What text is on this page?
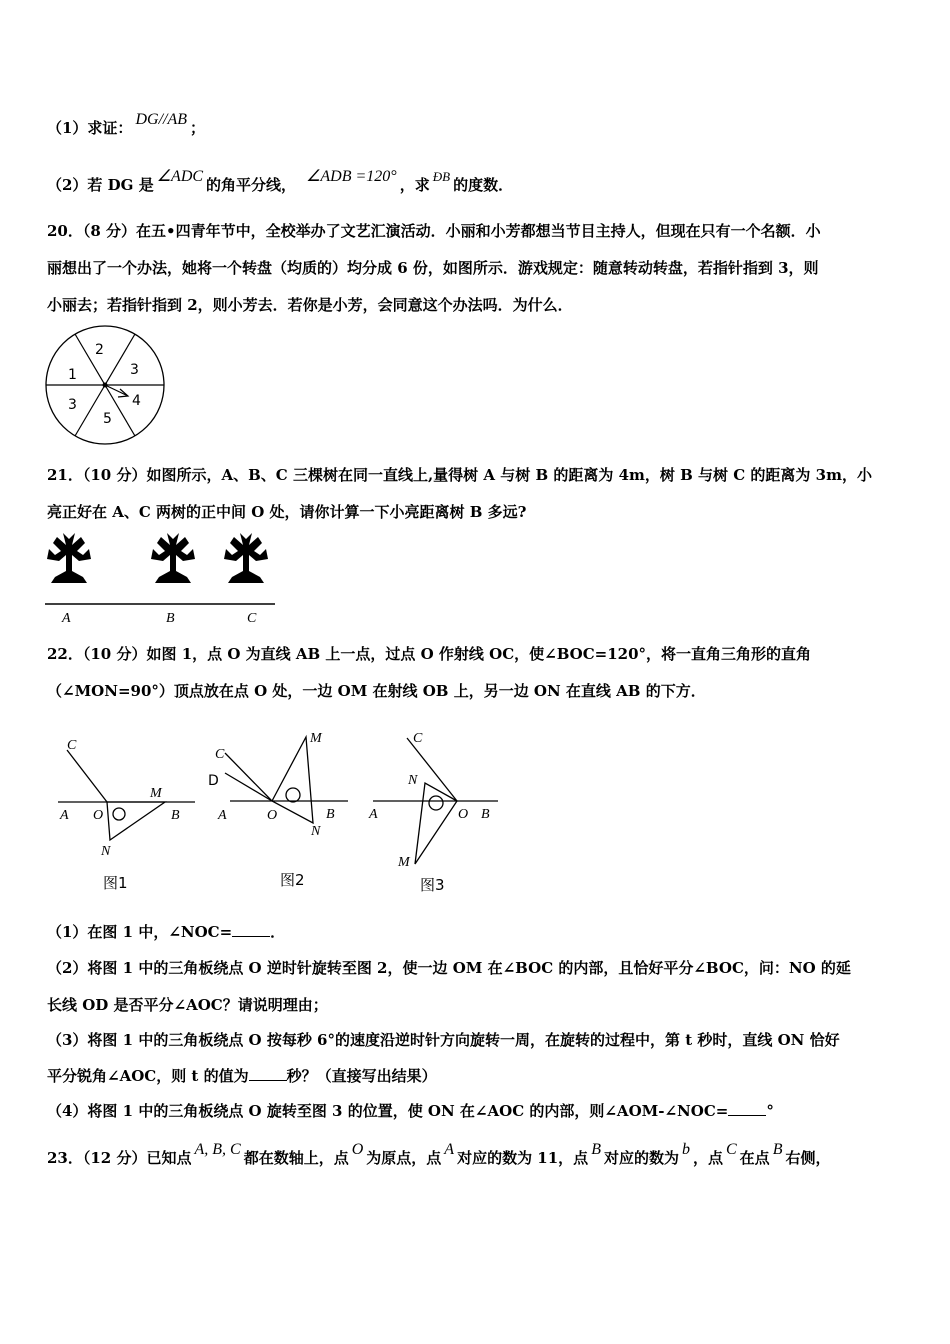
（1）求证： DG//AB ；
（2）若 DG 是 ∠ADC 的角平分线， ∠ADB =120° ，求 ÐB 的度数．
20．（8 分）在五•四青年节中，全校举办了文艺汇演活动．小丽和小芳都想当节目主持人，但现在只有一个名额．小
丽想出了一个办法，她将一个转盘（均质的）均分成 6 份，如图所示．游戏规定：随意转动转盘，若指针指到 3，则
小丽去；若指针指到 2，则小芳去．若你是小芳，会同意这个办法吗．为什么．
2
3
4
5
3
1
21．（10 分）如图所示，A、B、C 三棵树在同一直线上,量得树 A 与树 B 的距离为 4m，树 B 与树 C 的距离为 3m，小
亮正好在 A、C 两树的正中间 O 处，请你计算一下小亮距离树 B 多远?
A	B	C
22．（10 分）如图 1，点 O 为直线 AB 上一点，过点 O 作射线 OC，使∠BOC=120°，将一直角三角形的直角
（∠MON=90°）顶点放在点 O 处，一边 OM 在射线 OB 上，另一边 ON 在直线 AB 的下方．
C
A O	B
M
N
图1
C
D
A	O	B
M
N
图2
C
N
A	O B
M
图3
（1）在图 1 中，∠NOC=	．
（2）将图 1 中的三角板绕点 O 逆时针旋转至图 2，使一边 OM 在∠BOC 的内部，且恰好平分∠BOC，问：NO 的延
长线 OD 是否平分∠AOC？请说明理由；
（3）将图 1 中的三角板绕点 O 按每秒 6°的速度沿逆时针方向旋转一周，在旋转的过程中，第 t 秒时，直线 ON 恰好
平分锐角∠AOC，则 t 的值为	秒？（直接写出结果）
（4）将图 1 中的三角板绕点 O 旋转至图 3 的位置，使 ON 在∠AOC 的内部，则∠AOM-∠NOC=	°
23．（12 分）已知点 A, B, C 都在数轴上，点 O 为原点，点 A 对应的数为 11，点 B 对应的数为 b ，点 C 在点 B 右侧，
